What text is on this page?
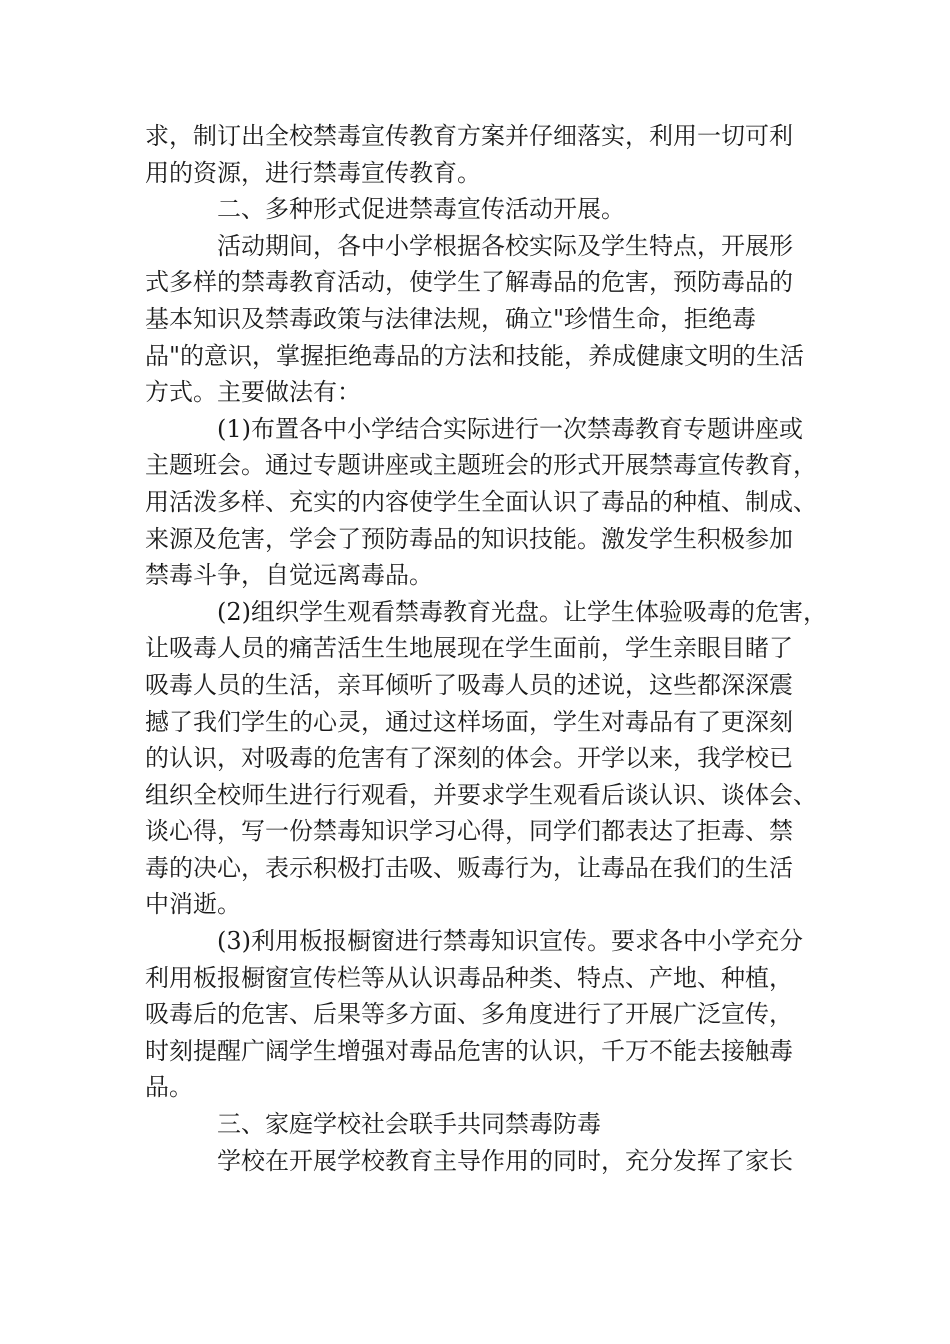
求，制订出全校禁毒宣传教育方案并仔细落实，利用一切可利
用的资源，进行禁毒宣传教育。
二、多种形式促进禁毒宣传活动开展。
活动期间，各中小学根据各校实际及学生特点，开展形
式多样的禁毒教育活动，使学生了解毒品的危害，预防毒品的
基本知识及禁毒政策与法律法规，确立"珍惜生命，拒绝毒
品"的意识，掌握拒绝毒品的方法和技能，养成健康文明的生活
方式。主要做法有：
(1)布置各中小学结合实际进行一次禁毒教育专题讲座或
主题班会。通过专题讲座或主题班会的形式开展禁毒宣传教育，
用活泼多样、充实的内容使学生全面认识了毒品的种植、制成、
来源及危害，学会了预防毒品的知识技能。激发学生积极参加
禁毒斗争，自觉远离毒品。
(2)组织学生观看禁毒教育光盘。让学生体验吸毒的危害，
让吸毒人员的痛苦活生生地展现在学生面前，学生亲眼目睹了
吸毒人员的生活，亲耳倾听了吸毒人员的述说，这些都深深震
撼了我们学生的心灵，通过这样场面，学生对毒品有了更深刻
的认识，对吸毒的危害有了深刻的体会。开学以来，我学校已
组织全校师生进行行观看，并要求学生观看后谈认识、谈体会、
谈心得，写一份禁毒知识学习心得，同学们都表达了拒毒、禁
毒的决心，表示积极打击吸、贩毒行为，让毒品在我们的生活
中消逝。
(3)利用板报橱窗进行禁毒知识宣传。要求各中小学充分
利用板报橱窗宣传栏等从认识毒品种类、特点、产地、种植，
吸毒后的危害、后果等多方面、多角度进行了开展广泛宣传，
时刻提醒广阔学生增强对毒品危害的认识，千万不能去接触毒
品。
三、家庭学校社会联手共同禁毒防毒
学校在开展学校教育主导作用的同时，充分发挥了家长
